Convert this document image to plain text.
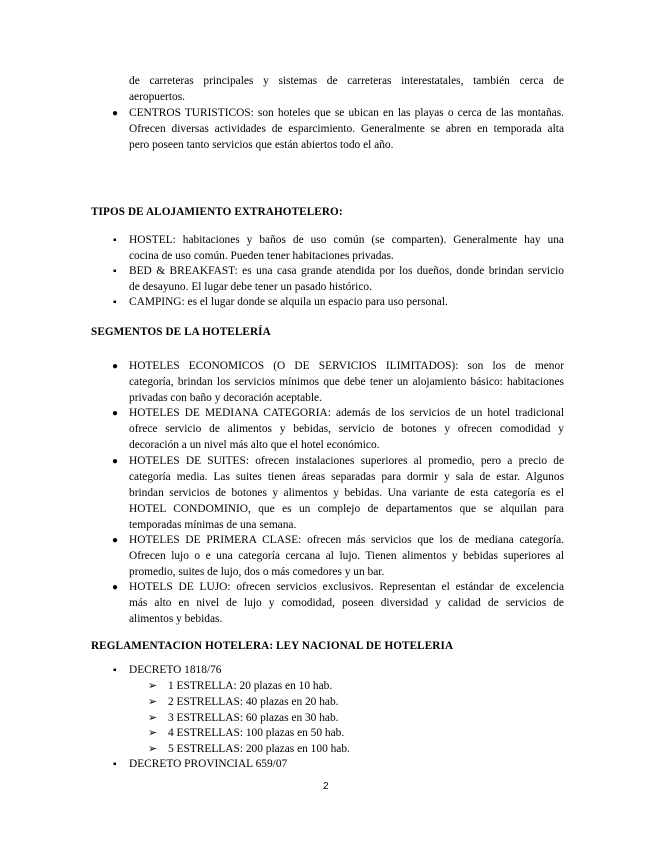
de carreteras principales y sistemas de carreteras interestatales, también cerca de
aeropuertos.
● CENTROS TURISTICOS: son hoteles que se ubican en las playas o cerca de las montañas.
Ofrecen diversas actividades de esparcimiento. Generalmente se abren en temporada alta
pero poseen tanto servicios que están abiertos todo el año.
TIPOS DE ALOJAMIENTO EXTRAHOTELERO:
▪ HOSTEL: habitaciones y baños de uso común (se comparten). Generalmente hay una
cocina de uso común. Pueden tener habitaciones privadas.
▪ BED & BREAKFAST: es una casa grande atendida por los dueños, donde brindan servicio
de desayuno. El lugar debe tener un pasado histórico.
▪ CAMPING: es el lugar donde se alquila un espacio para uso personal.
SEGMENTOS DE LA HOTELERÍA
● HOTELES ECONOMICOS (O DE SERVICIOS ILIMITADOS): son los de menor
categoría, brindan los servicios mínimos que debe tener un alojamiento básico: habitaciones
privadas con baño y decoración aceptable.
● HOTELES DE MEDIANA CATEGORIA: además de los servicios de un hotel tradicional
ofrece servicio de alimentos y bebidas, servicio de botones y ofrecen comodidad y
decoración a un nivel más alto que el hotel económico.
● HOTELES DE SUITES: ofrecen instalaciones superiores al promedio, pero a precio de
categoría media. Las suites tienen áreas separadas para dormir y sala de estar. Algunos
brindan servicios de botones y alimentos y bebidas. Una variante de esta categoría es el
HOTEL CONDOMINIO, que es un complejo de departamentos que se alquilan para
temporadas mínimas de una semana.
● HOTELES DE PRIMERA CLASE: ofrecen más servicios que los de mediana categoría.
Ofrecen lujo o e una categoría cercana al lujo. Tienen alimentos y bebidas superiores al
promedio, suites de lujo, dos o más comedores y un bar.
● HOTELS DE LUJO: ofrecen servicios exclusivos. Representan el estándar de excelencia
más alto en nivel de lujo y comodidad, poseen diversidad y calidad de servicios de
alimentos y bebidas.
REGLAMENTACION HOTELERA: LEY NACIONAL DE HOTELERIA
▪ DECRETO 1818/76
➢ 1 ESTRELLA: 20 plazas en 10 hab.
➢ 2 ESTRELLAS: 40 plazas en 20 hab.
➢ 3 ESTRELLAS: 60 plazas en 30 hab.
➢ 4 ESTRELLAS: 100 plazas en 50 hab.
➢ 5 ESTRELLAS: 200 plazas en 100 hab.
▪ DECRETO PROVINCIAL 659/07
2
